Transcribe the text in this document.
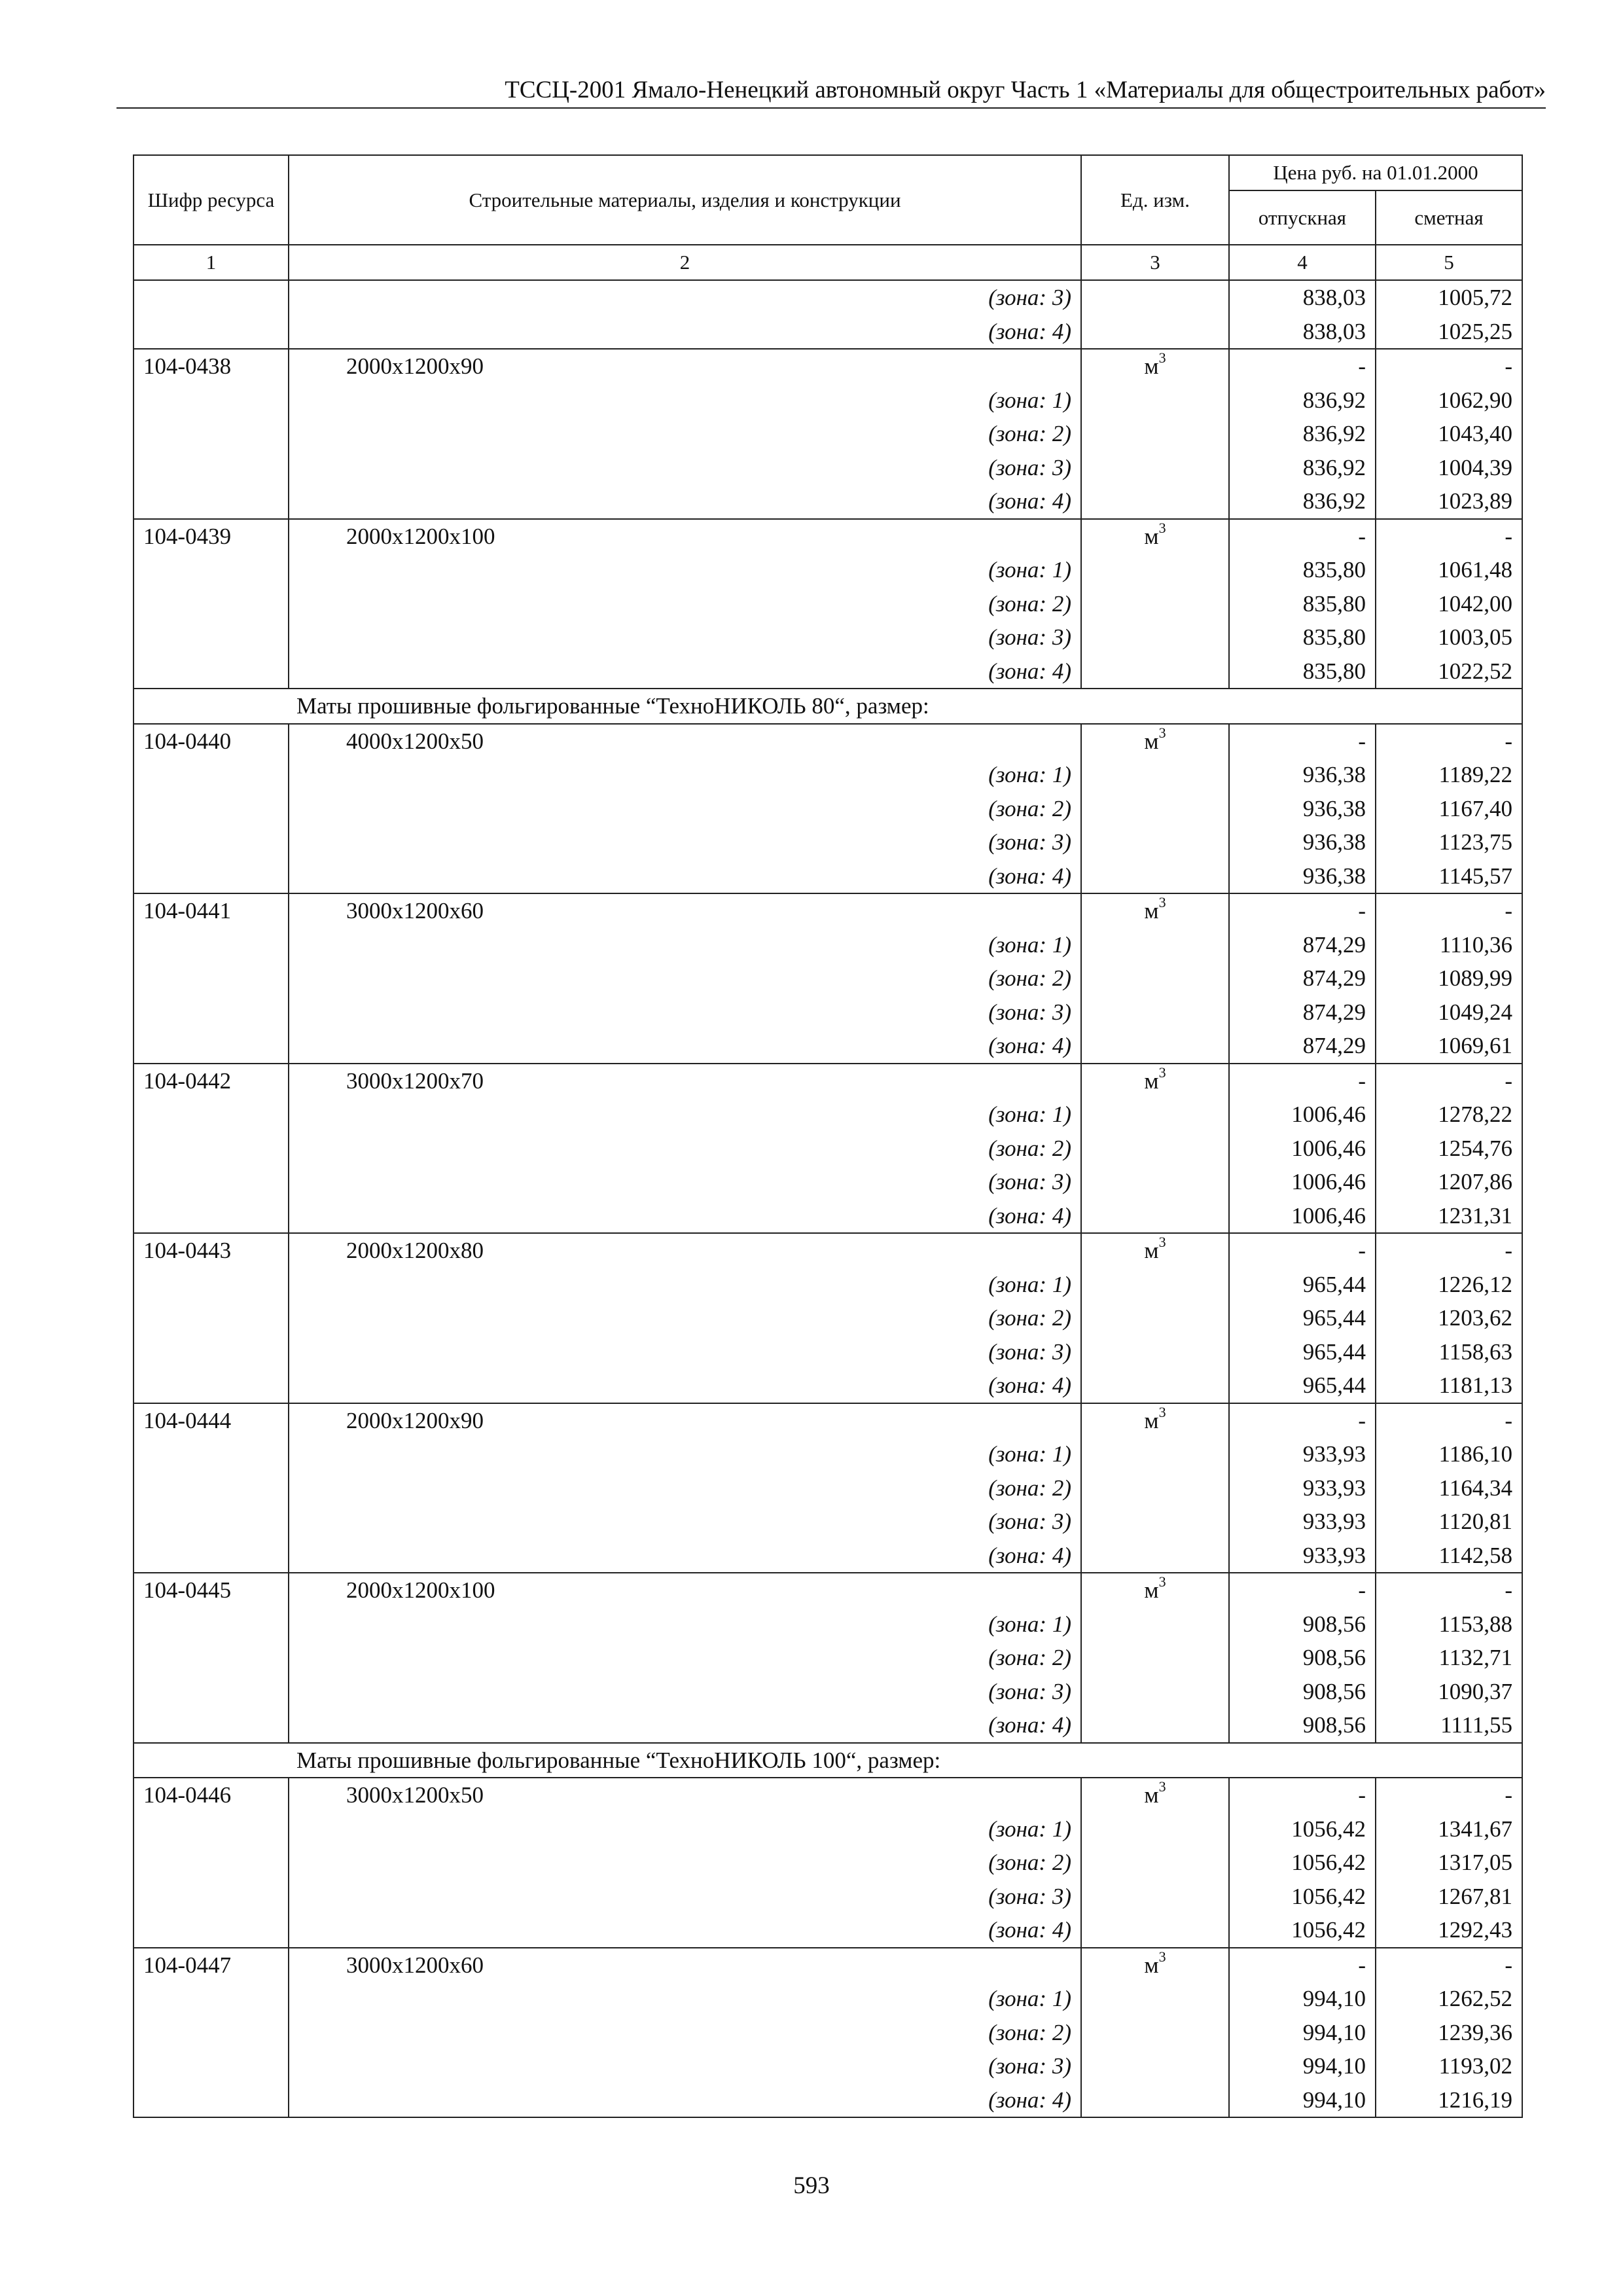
ТССЦ-2001 Ямало-Ненецкий автономный округ Часть 1 «Материалы для общестроительных работ»
Шифр ресурса	Строительные материалы, изделия и конструкции	Ед. изм.	Цена руб. на 01.01.2000	
			отпускная	сметная
1	2	3	4	5
	(зона: 3)		838,03	1005,72
	(зона: 4)		838,03	1025,25
104-0438	2000x1200x90	$м^3$	-	-
	(зона: 1)		836,92	1062,90
	(зона: 2)		836,92	1043,40
	(зона: 3)		836,92	1004,39
	(зона: 4)		836,92	1023,89
104-0439	2000x1200x100	$м^3$	-	-
	(зона: 1)		835,80	1061,48
	(зона: 2)		835,80	1042,00
	(зона: 3)		835,80	1003,05
	(зона: 4)		835,80	1022,52
Маты прошивные фольгированные “ТехноНИКОЛЬ 80“, размер:				
104-0440	4000x1200x50	$м^3$	-	-
	(зона: 1)		936,38	1189,22
	(зона: 2)		936,38	1167,40
	(зона: 3)		936,38	1123,75
	(зона: 4)		936,38	1145,57
104-0441	3000x1200x60	$м^3$	-	-
	(зона: 1)		874,29	1110,36
	(зона: 2)		874,29	1089,99
	(зона: 3)		874,29	1049,24
	(зона: 4)		874,29	1069,61
104-0442	3000x1200x70	$м^3$	-	-
	(зона: 1)		1006,46	1278,22
	(зона: 2)		1006,46	1254,76
	(зона: 3)		1006,46	1207,86
	(зона: 4)		1006,46	1231,31
104-0443	2000x1200x80	$м^3$	-	-
	(зона: 1)		965,44	1226,12
	(зона: 2)		965,44	1203,62
	(зона: 3)		965,44	1158,63
	(зона: 4)		965,44	1181,13
104-0444	2000x1200x90	$м^3$	-	-
	(зона: 1)		933,93	1186,10
	(зона: 2)		933,93	1164,34
	(зона: 3)		933,93	1120,81
	(зона: 4)		933,93	1142,58
104-0445	2000x1200x100	$м^3$	-	-
	(зона: 1)		908,56	1153,88
	(зона: 2)		908,56	1132,71
	(зона: 3)		908,56	1090,37
	(зона: 4)		908,56	1111,55
Маты прошивные фольгированные “ТехноНИКОЛЬ 100“, размер:				
104-0446	3000x1200x50	$м^3$	-	-
	(зона: 1)		1056,42	1341,67
	(зона: 2)		1056,42	1317,05
	(зона: 3)		1056,42	1267,81
	(зона: 4)		1056,42	1292,43
104-0447	3000x1200x60	$м^3$	-	-
	(зона: 1)		994,10	1262,52
	(зона: 2)		994,10	1239,36
	(зона: 3)		994,10	1193,02
	(зона: 4)		994,10	1216,19
593
